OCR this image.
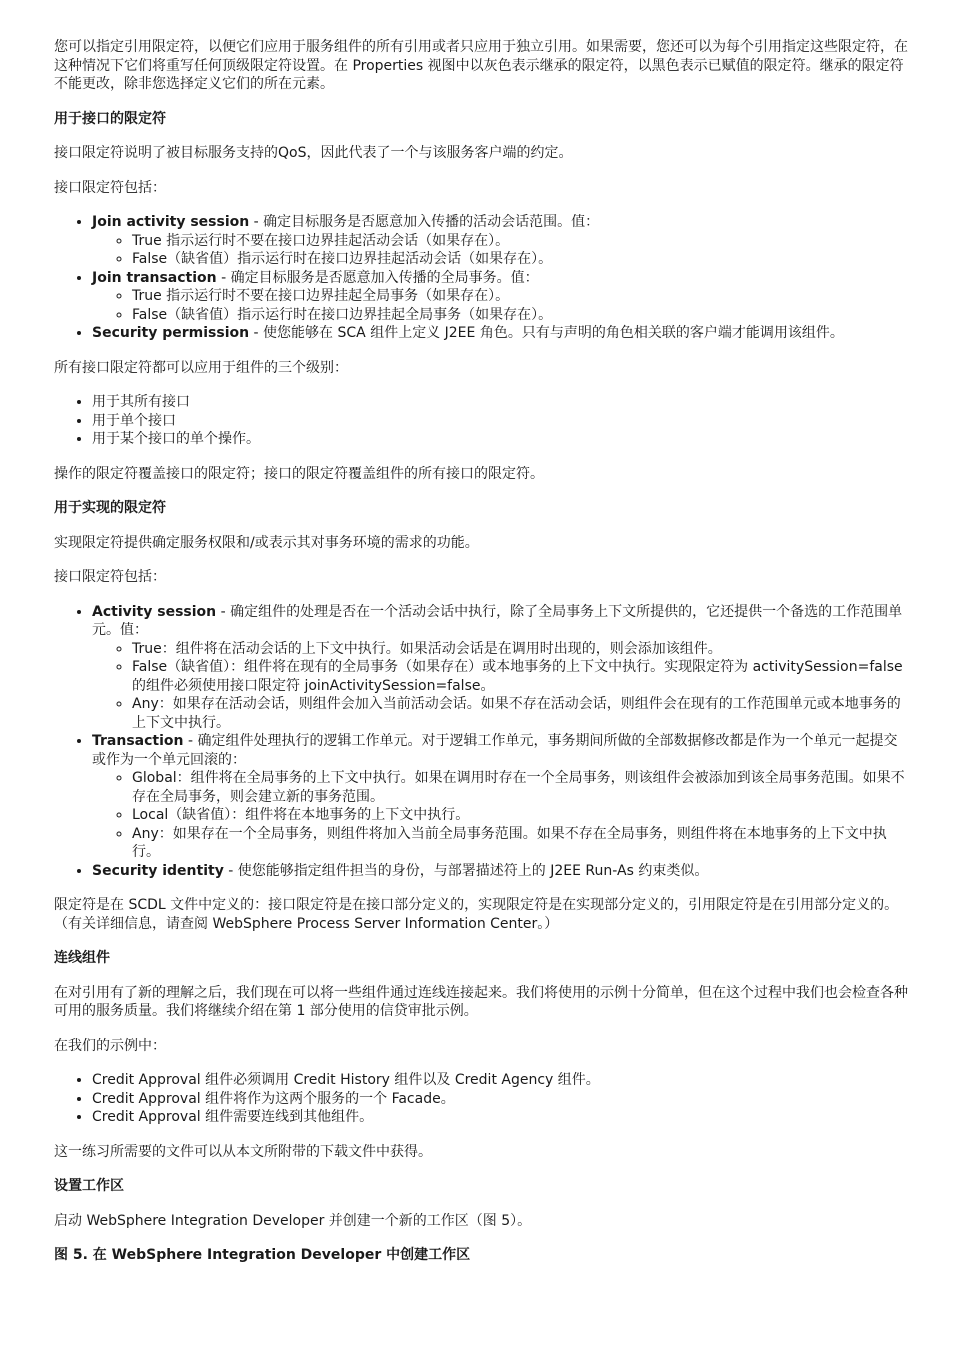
您可以指定引用限定符，以便它们应用于服务组件的所有引用或者只应用于独立引用。如果需要，您还可以为每个引用指定这些限定符，在这种情况下它们将重写任何顶级限定符设置。在 Properties 视图中以灰色表示继承的限定符，以黑色表示已赋值的限定符。继承的限定符不能更改，除非您选择定义它们的所在元素。

用于接口的限定符

接口限定符说明了被目标服务支持的QoS，因此代表了一个与该服务客户端的约定。

接口限定符包括：

• Join activity session - 确定目标服务是否愿意加入传播的活动会话范围。值：
◦ True 指示运行时不要在接口边界挂起活动会话（如果存在）。
◦ False（缺省值）指示运行时在接口边界挂起活动会话（如果存在）。
• Join transaction - 确定目标服务是否愿意加入传播的全局事务。值：
◦ True 指示运行时不要在接口边界挂起全局事务（如果存在）。
◦ False（缺省值）指示运行时在接口边界挂起全局事务（如果存在）。
• Security permission - 使您能够在 SCA 组件上定义 J2EE 角色。只有与声明的角色相关联的客户端才能调用该组件。

所有接口限定符都可以应用于组件的三个级别：

• 用于其所有接口
• 用于单个接口
• 用于某个接口的单个操作。

操作的限定符覆盖接口的限定符；接口的限定符覆盖组件的所有接口的限定符。

用于实现的限定符

实现限定符提供确定服务权限和/或表示其对事务环境的需求的功能。

接口限定符包括：

• Activity session - 确定组件的处理是否在一个活动会话中执行，除了全局事务上下文所提供的，它还提供一个备选的工作范围单元。值：
◦ True：组件将在活动会话的上下文中执行。如果活动会话是在调用时出现的，则会添加该组件。
◦ False（缺省值）：组件将在现有的全局事务（如果存在）或本地事务的上下文中执行。实现限定符为 activitySession=false 的组件必须使用接口限定符 joinActivitySession=false。
◦ Any：如果存在活动会话，则组件会加入当前活动会话。如果不存在活动会话，则组件会在现有的工作范围单元或本地事务的上下文中执行。
• Transaction - 确定组件处理执行的逻辑工作单元。对于逻辑工作单元，事务期间所做的全部数据修改都是作为一个单元一起提交或作为一个单元回滚的：
◦ Global：组件将在全局事务的上下文中执行。如果在调用时存在一个全局事务，则该组件会被添加到该全局事务范围。如果不存在全局事务，则会建立新的事务范围。
◦ Local（缺省值）：组件将在本地事务的上下文中执行。
◦ Any：如果存在一个全局事务，则组件将加入当前全局事务范围。如果不存在全局事务，则组件将在本地事务的上下文中执行。
• Security identity - 使您能够指定组件担当的身份，与部署描述符上的 J2EE Run-As 约束类似。

限定符是在 SCDL 文件中定义的：接口限定符是在接口部分定义的，实现限定符是在实现部分定义的，引用限定符是在引用部分定义的。（有关详细信息，请查阅 WebSphere Process Server Information Center。）

连线组件

在对引用有了新的理解之后，我们现在可以将一些组件通过连线连接起来。我们将使用的示例十分简单，但在这个过程中我们也会检查各种可用的服务质量。我们将继续介绍在第 1 部分使用的信贷审批示例。

在我们的示例中：

• Credit Approval 组件必须调用 Credit History 组件以及 Credit Agency 组件。
• Credit Approval 组件将作为这两个服务的一个 Facade。
• Credit Approval 组件需要连线到其他组件。

这一练习所需要的文件可以从本文所附带的下载文件中获得。

设置工作区

启动 WebSphere Integration Developer 并创建一个新的工作区（图 5）。

图 5. 在 WebSphere Integration Developer 中创建工作区
